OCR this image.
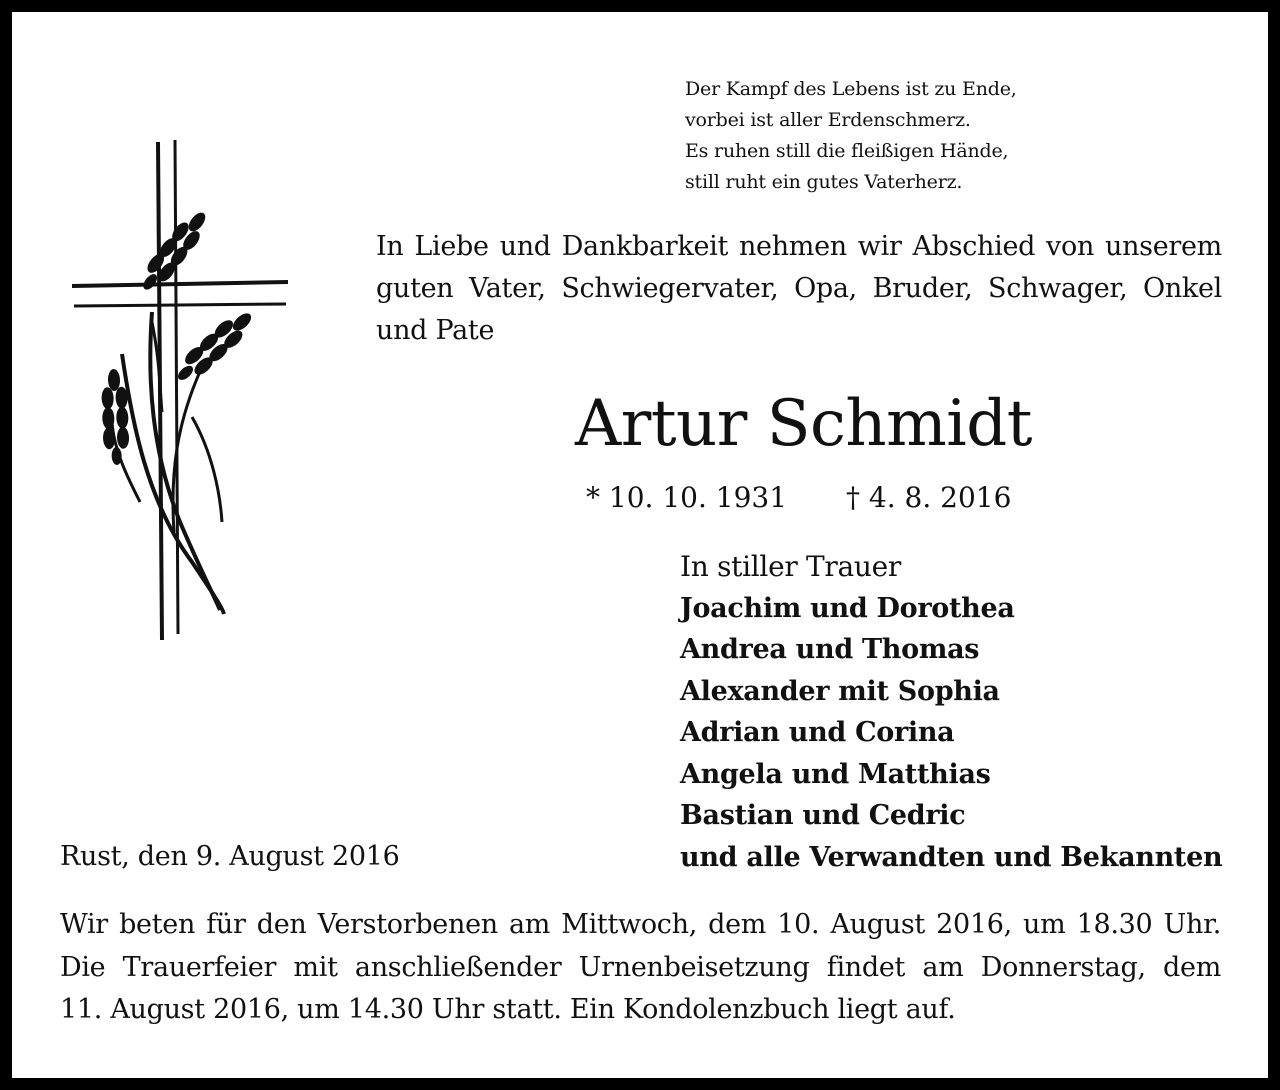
Der Kampf des Lebens ist zu Ende,
vorbei ist aller Erdenschmerz.
Es ruhen still die fleißigen Hände,
still ruht ein gutes Vaterherz.
In Liebe und Dankbarkeit nehmen wir Abschied von unserem
guten Vater, Schwiegervater, Opa, Bruder, Schwager, Onkel
und Pate
Artur Schmidt
* 10. 10. 1931 † 4. 8. 2016
In stiller Trauer
Joachim und Dorothea
Andrea und Thomas
Alexander mit Sophia
Adrian und Corina
Angela und Matthias
Bastian und Cedric
und alle Verwandten und Bekannten
Rust, den 9. August 2016
Wir beten für den Verstorbenen am Mittwoch, dem 10. August 2016, um 18.30 Uhr.
Die Trauerfeier mit anschließender Urnenbeisetzung findet am Donnerstag, dem
11. August 2016, um 14.30 Uhr statt. Ein Kondolenzbuch liegt auf.
